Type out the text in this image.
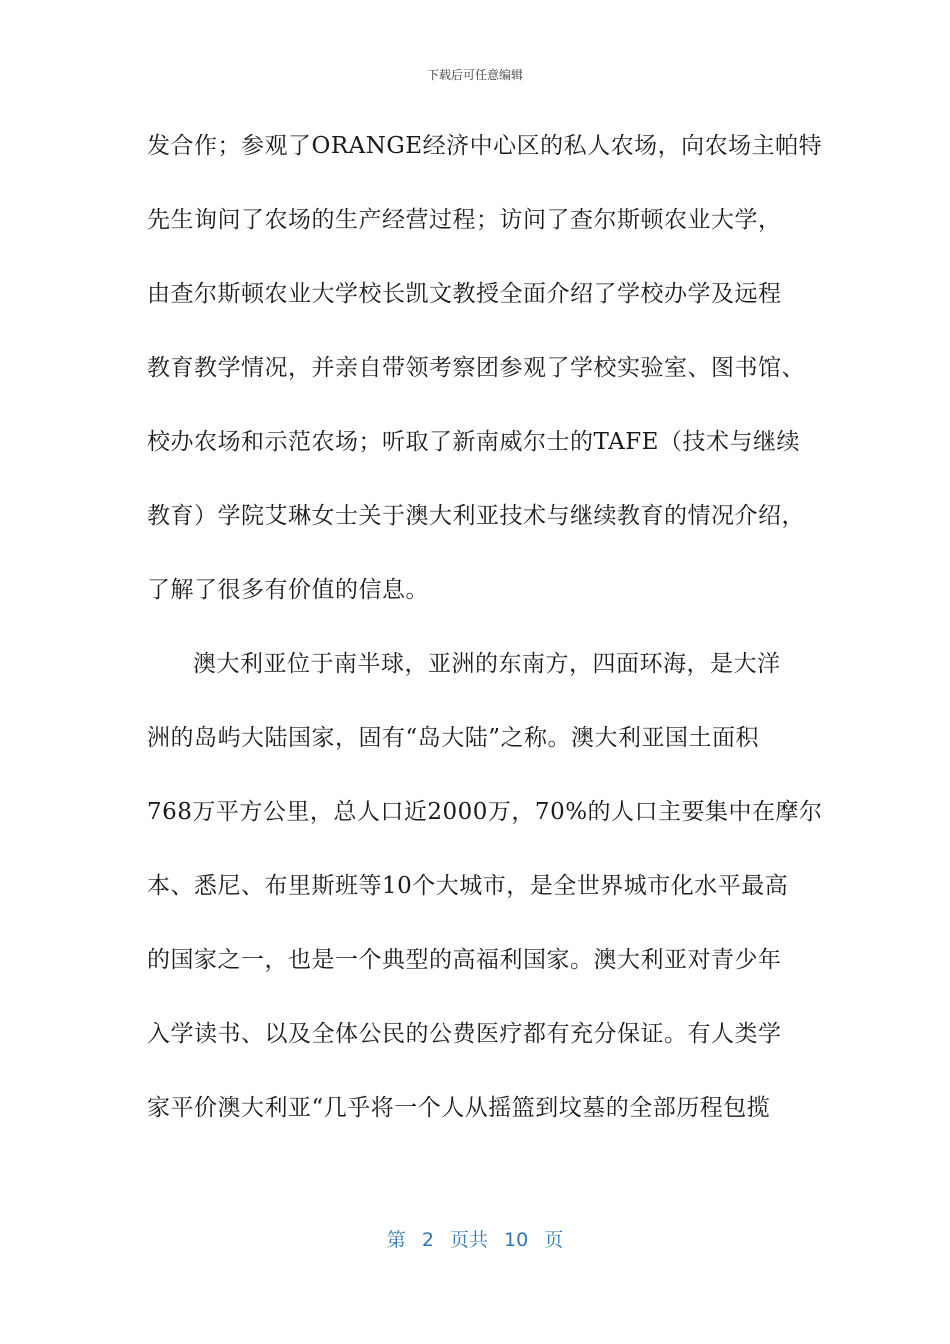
下载后可任意编辑
发合作；参观了ORANGE经济中心区的私人农场，向农场主帕特
先生询问了农场的生产经营过程；访问了查尔斯顿农业大学，
由查尔斯顿农业大学校长凯文教授全面介绍了学校办学及远程
教育教学情况，并亲自带领考察团参观了学校实验室、图书馆、
校办农场和示范农场；听取了新南威尔士的TAFE（技术与继续
教育）学院艾琳女士关于澳大利亚技术与继续教育的情况介绍，
了解了很多有价值的信息。
澳大利亚位于南半球，亚洲的东南方，四面环海，是大洋
洲的岛屿大陆国家，固有“岛大陆”之称。澳大利亚国土面积
768万平方公里，总人口近2000万，70%的人口主要集中在摩尔
本、悉尼、布里斯班等10个大城市，是全世界城市化水平最高
的国家之一，也是一个典型的高福利国家。澳大利亚对青少年
入学读书、以及全体公民的公费医疗都有充分保证。有人类学
家平价澳大利亚“几乎将一个人从摇篮到坟墓的全部历程包揽
第 2 页共 10 页
